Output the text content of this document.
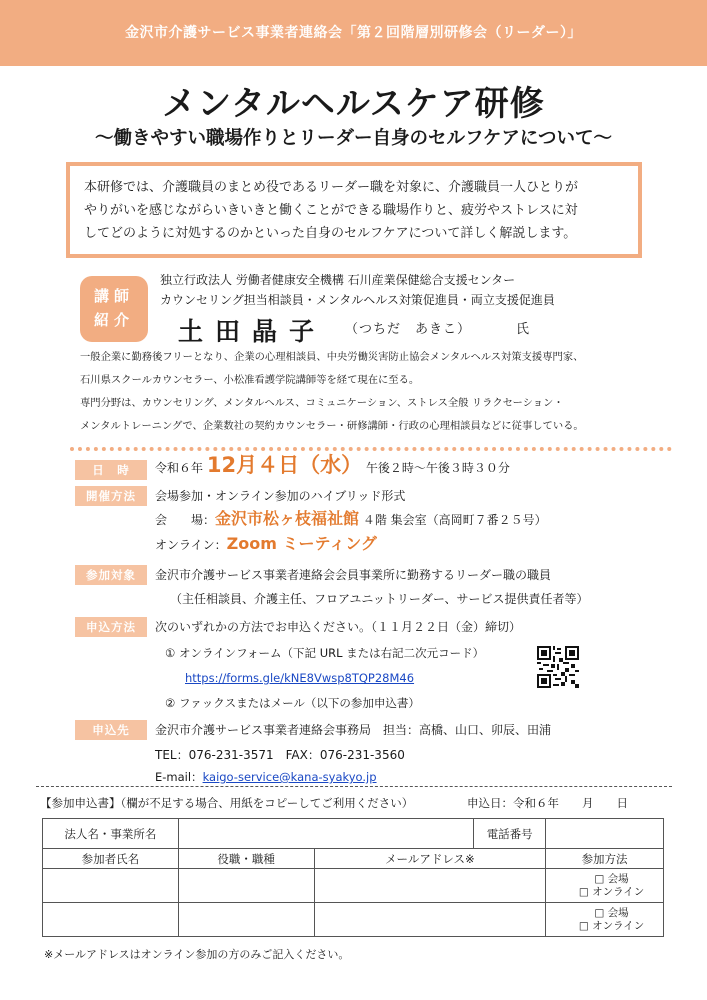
金沢市介護サービス事業者連絡会「第２回階層別研修会（リーダー）」
メンタルヘルスケア研修
～働きやすい職場作りとリーダー自身のセルフケアについて～
本研修では、介護職員のまとめ役であるリーダー職を対象に、介護職員一人ひとりが
やりがいを感じながらいきいきと働くことができる職場作りと、疲労やストレスに対
してどのように対処するのかといった自身のセルフケアについて詳しく解説します。
講師
紹介
独立行政法人 労働者健康安全機構 石川産業保健総合支援センター
カウンセリング担当相談員・メンタルヘルス対策促進員・両立支援促進員
土田晶子 （つちだ　あきこ）	氏
一般企業に勤務後フリーとなり、企業の心理相談員、中央労働災害防止協会メンタルヘルス対策支援専門家、
石川県スクールカウンセラー、小松准看護学院講師等を経て現在に至る。
専門分野は、カウンセリング、メンタルヘルス、コミュニケーション、ストレス全般 リラクセーション・
メンタルトレーニングで、企業数社の契約カウンセラー・研修講師・行政の心理相談員などに従事している。
日　時	令和６年 12月４日（水） 午後２時～午後３時３０分
開催方法	会場参加・オンライン参加のハイブリッド形式
会　　場：金沢市松ヶ枝福祉館 ４階 集会室（高岡町７番２５号）
オンライン：Zoom ミーティング
参加対象	金沢市介護サービス事業者連絡会会員事業所に勤務するリーダー職の職員
（主任相談員、介護主任、フロアユニットリーダー、サービス提供責任者等）
申込方法	次のいずれかの方法でお申込ください。（１１月２２日（金）締切）
① オンラインフォーム（下記 URL または右記二次元コード）
https://forms.gle/kNE8Vwsp8TQP28M46
② ファックスまたはメール（以下の参加申込書）
申込先	金沢市介護サービス事業者連絡会事務局　担当：高橋、山口、卯辰、田浦
TEL：076-231-3571　FAX：076-231-3560
E-mail：kaigo-service@kana-syakyo.jp
【参加申込書】（欄が不足する場合、用紙をコピーしてご利用ください）	申込日：令和６年　　月　　日
法人名・事業所名			電話番号	
参加者氏名	役職・職種	メールアドレス※		参加方法

				□ 会場
□ オンライン

				□ 会場
□ オンライン
※メールアドレスはオンライン参加の方のみご記入ください。
